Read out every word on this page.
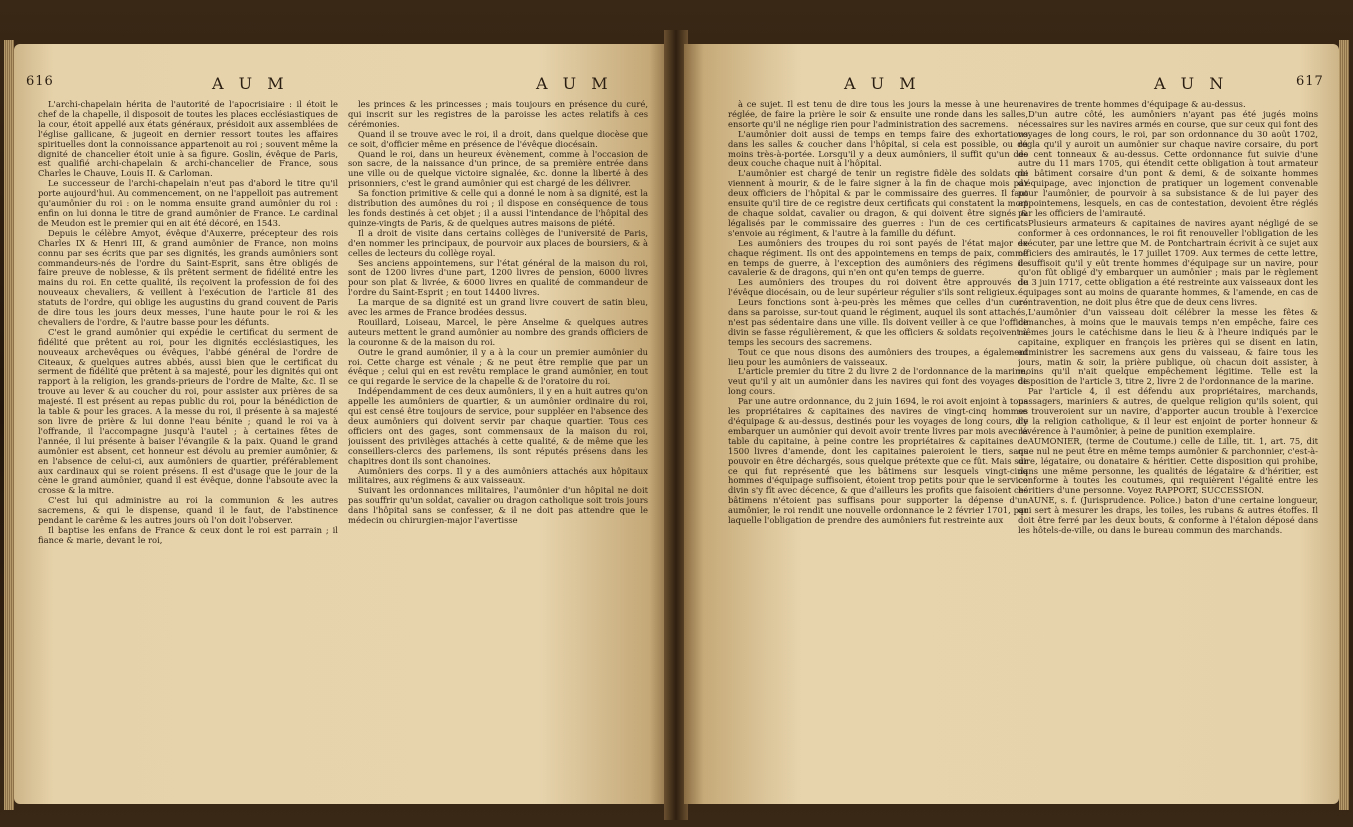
616	A U M	A U M

L'archi-chapelain hérita de l'autorité de l'apocrisiaire : il étoit le chef de la chapelle, il disposoit de toutes les places ecclésiastiques de la cour, étoit appellé aux états généraux, présidoit aux assemblées de l'église gallicane, & jugeoit en dernier ressort toutes les affaires spirituelles dont la connoissance appartenoit au roi ; souvent même la dignité de chancelier étoit unie à sa figure. Goslin, évêque de Paris, est qualifié archi-chapelain & archi-chancelier de France, sous Charles le Chauve, Louis II. & Carloman.

Le successeur de l'archi-chapelain n'eut pas d'abord le titre qu'il porte aujourd'hui. Au commencement, on ne l'appelloit pas autrement qu'aumônier du roi : on le nomma ensuite grand aumônier du roi : enfin on lui donna le titre de grand aumônier de France. Le cardinal de Meudon est le premier qui en ait été décoré, en 1543.

Depuis le célèbre Amyot, évêque d'Auxerre, précepteur des rois Charles IX & Henri III, & grand aumônier de France, non moins connu par ses écrits que par ses dignités, les grands aumôniers sont commandeurs-nés de l'ordre du Saint-Esprit, sans être obligés de faire preuve de noblesse, & ils prêtent serment de fidélité entre les mains du roi. En cette qualité, ils reçoivent la profession de foi des nouveaux chevaliers, & veillent à l'exécution de l'article 81 des statuts de l'ordre, qui oblige les augustins du grand couvent de Paris de dire tous les jours deux messes, l'une haute pour le roi & les chevaliers de l'ordre, & l'autre basse pour les défunts.

C'est le grand aumônier qui expédie le certificat du serment de fidélité que prêtent au roi, pour les dignités ecclésiastiques, les nouveaux archevêques ou évêques, l'abbé général de l'ordre de Citeaux, & quelques autres abbés, aussi bien que le certificat du serment de fidélité que prêtent à sa majesté, pour les dignités qui ont rapport à la religion, les grands-prieurs de l'ordre de Malte, &c. Il se trouve au lever & au coucher du roi, pour assister aux prières de sa majesté. Il est présent au repas public du roi, pour la bénédiction de la table & pour les graces. A la messe du roi, il présente à sa majesté son livre de prière & lui donne l'eau bénite ; quand le roi va à l'offrande, il l'accompagne jusqu'à l'autel ; à certaines fêtes de l'année, il lui présente à baiser l'évangile & la paix. Quand le grand aumônier est absent, cet honneur est dévolu au premier aumônier, & en l'absence de celui-ci, aux aumôniers de quartier, préférablement aux cardinaux qui se roient présens. Il est d'usage que le jour de la cène le grand aumônier, quand il est évêque, donne l'absoute avec la crosse & la mitre.

C'est lui qui administre au roi la communion & les autres sacremens, & qui le dispense, quand il le faut, de l'abstinence pendant le carême & les autres jours où l'on doit l'observer.

Il baptise les enfans de France & ceux dont le roi est parrain ; il fiance & marie, devant le roi,

les princes & les princesses ; mais toujours en présence du curé, qui inscrit sur les registres de la paroisse les actes relatifs à ces cérémonies.

Quand il se trouve avec le roi, il a droit, dans quelque diocèse que ce soit, d'officier même en présence de l'évêque diocésain.

Quand le roi, dans un heureux évènement, comme à l'occasion de son sacre, de la naissance d'un prince, de sa première entrée dans une ville ou de quelque victoire signalée, &c. donne la liberté à des prisonniers, c'est le grand aumônier qui est chargé de les délivrer.

Sa fonction primitive & celle qui a donné le nom à sa dignité, est la distribution des aumônes du roi ; il dispose en conséquence de tous les fonds destinés à cet objet ; il a aussi l'intendance de l'hôpital des quinze-vingts de Paris, & de quelques autres maisons de piété.

Il a droit de visite dans certains collèges de l'université de Paris, d'en nommer les principaux, de pourvoir aux places de boursiers, & à celles de lecteurs du collège royal.

Ses anciens appointemens, sur l'état général de la maison du roi, sont de 1200 livres d'une part, 1200 livres de pension, 6000 livres pour son plat & livrée, & 6000 livres en qualité de commandeur de l'ordre du Saint-Esprit ; en tout 14400 livres.

La marque de sa dignité est un grand livre couvert de satin bleu, avec les armes de France brodées dessus.

Rouillard, Loiseau, Marcel, le père Anselme & quelques autres auteurs mettent le grand aumônier au nombre des grands officiers de la couronne & de la maison du roi.

Outre le grand aumônier, il y a à la cour un premier aumônier du roi. Cette charge est vénale ; & ne peut être remplie que par un évêque ; celui qui en est revêtu remplace le grand aumônier, en tout ce qui regarde le service de la chapelle & de l'oratoire du roi.

Indépendamment de ces deux aumôniers, il y en a huit autres qu'on appelle les aumôniers de quartier, & un aumônier ordinaire du roi, qui est censé être toujours de service, pour suppléer en l'absence des deux aumôniers qui doivent servir par chaque quartier. Tous ces officiers ont des gages, sont commensaux de la maison du roi, jouissent des privilèges attachés à cette qualité, & de même que les conseillers-clercs des parlemens, ils sont réputés présens dans les chapitres dont ils sont chanoines.

Aumôniers des corps. Il y a des aumôniers attachés aux hôpitaux militaires, aux régimens & aux vaisseaux.

Suivant les ordonnances militaires, l'aumônier d'un hôpital ne doit pas souffrir qu'un soldat, cavalier ou dragon catholique soit trois jours dans l'hôpital sans se confesser, & il ne doit pas attendre que le médecin ou chirurgien-major l'avertisse

A U M	A U N	617

à ce sujet. Il est tenu de dire tous les jours la messe à une heure réglée, de faire la prière le soir & ensuite une ronde dans les salles, ensorte qu'il ne néglige rien pour l'administration des sacremens.

L'aumônier doit aussi de temps en temps faire des exhortations dans les salles & coucher dans l'hôpital, si cela est possible, ou du moins très-à-portée. Lorsqu'il y a deux aumôniers, il suffit qu'un des deux couche chaque nuit à l'hôpital.

L'aumônier est chargé de tenir un registre fidèle des soldats qui viennent à mourir, & de le faire signer à la fin de chaque mois par deux officiers de l'hôpital & par le commissaire des guerres. Il faut ensuite qu'il tire de ce registre deux certificats qui constatent la mort de chaque soldat, cavalier ou dragon, & qui doivent être signés & légalisés par le commissaire des guerres : l'un de ces certificats s'envoie au régiment, & l'autre à la famille du défunt.

Les aumôniers des troupes du roi sont payés de l'état major de chaque régiment. Ils ont des appointemens en temps de paix, comme en temps de guerre, à l'exception des aumôniers des régimens de cavalerie & de dragons, qui n'en ont qu'en temps de guerre.

Les aumôniers des troupes du roi doivent être approuvés de l'évêque diocésain, ou de leur supérieur régulier s'ils sont religieux.

Leurs fonctions sont à-peu-près les mêmes que celles d'un curé dans sa paroisse, sur-tout quand le régiment, auquel ils sont attachés, n'est pas sédentaire dans une ville. Ils doivent veiller à ce que l'office divin se fasse régulièrement, & que les officiers & soldats reçoivent à temps les secours des sacremens.

Tout ce que nous disons des aumôniers des troupes, a également lieu pour les aumôniers de vaisseaux.

L'article premier du titre 2 du livre 2 de l'ordonnance de la marine, veut qu'il y ait un aumônier dans les navires qui font des voyages de long cours.

Par une autre ordonnance, du 2 juin 1694, le roi avoit enjoint à tous les propriétaires & capitaines des navires de vingt-cinq hommes d'équipage & au-dessus, destinés pour les voyages de long cours, d'y embarquer un aumônier qui devoit avoir trente livres par mois avec la table du capitaine, à peine contre les propriétaires & capitaines de 1500 livres d'amende, dont les capitaines paieroient le tiers, sans pouvoir en être déchargés, sous quelque prétexte que ce fût. Mais sur ce qui fut représenté que les bâtimens sur lesquels vingt-cinq hommes d'équipage suffisoient, étoient trop petits pour que le service divin s'y fît avec décence, & que d'ailleurs les profits que faisoient ces bâtimens n'étoient pas suffisans pour supporter la dépense d'un aumônier, le roi rendit une nouvelle ordonnance le 2 février 1701, par laquelle l'obligation de prendre des aumôniers fut restreinte aux

navires de trente hommes d'équipage & au-dessus.

D'un autre côté, les aumôniers n'ayant pas été jugés moins nécessaires sur les navires armés en course, que sur ceux qui font des voyages de long cours, le roi, par son ordonnance du 30 août 1702, régla qu'il y auroit un aumônier sur chaque navire corsaire, du port de cent tonneaux & au-dessus. Cette ordonnance fut suivie d'une autre du 11 mars 1705, qui étendit cette obligation à tout armateur de bâtiment corsaire d'un pont & demi, & de soixante hommes d'équipage, avec injonction de pratiquer un logement convenable pour l'aumônier, de pourvoir à sa subsistance & de lui payer des appointemens, lesquels, en cas de contestation, devoient être réglés par les officiers de l'amirauté.

Plusieurs armateurs & capitaines de navires ayant négligé de se conformer à ces ordonnances, le roi fit renouveller l'obligation de les exécuter, par une lettre que M. de Pontchartrain écrivit à ce sujet aux officiers des amirautés, le 17 juillet 1709. Aux termes de cette lettre, il suffisoit qu'il y eût trente hommes d'équipage sur un navire, pour qu'on fût obligé d'y embarquer un aumônier ; mais par le règlement du 3 juin 1717, cette obligation a été restreinte aux vaisseaux dont les équipages sont au moins de quarante hommes, & l'amende, en cas de contravention, ne doit plus être que de deux cens livres.

L'aumônier d'un vaisseau doit célébrer la messe les fêtes & dimanches, à moins que le mauvais temps n'en empêche, faire ces mêmes jours le catéchisme dans le lieu & à l'heure indiqués par le capitaine, expliquer en françois les prières qui se disent en latin, administrer les sacremens aux gens du vaisseau, & faire tous les jours, matin & soir, la prière publique, où chacun doit assister, à moins qu'il n'ait quelque empêchement légitime. Telle est la disposition de l'article 3, titre 2, livre 2 de l'ordonnance de la marine.

Par l'article 4, il est défendu aux propriétaires, marchands, passagers, mariniers & autres, de quelque religion qu'ils soient, qui se trouveroient sur un navire, d'apporter aucun trouble à l'exercice de la religion catholique, & il leur est enjoint de porter honneur & révérence à l'aumônier, à peine de punition exemplaire.

AUMONIER, (terme de Coutume.) celle de Lille, tit. 1, art. 75, dit que nul ne peut être en même temps aumônier & parchonnier, c'est-à-dire, légataire, ou donataire & héritier. Cette disposition qui prohibe, dans une même personne, les qualités de légataire & d'héritier, est conforme à toutes les coutumes, qui requièrent l'égalité entre les héritiers d'une personne. Voyez RAPPORT, SUCCESSION.

AUNE, s. f. (Jurisprudence. Police.) baton d'une certaine longueur, qui sert à mesurer les draps, les toiles, les rubans & autres étoffes. Il doit être ferré par les deux bouts, & conforme à l'étalon déposé dans les hôtels-de-ville, ou dans le bureau commun des marchands.
